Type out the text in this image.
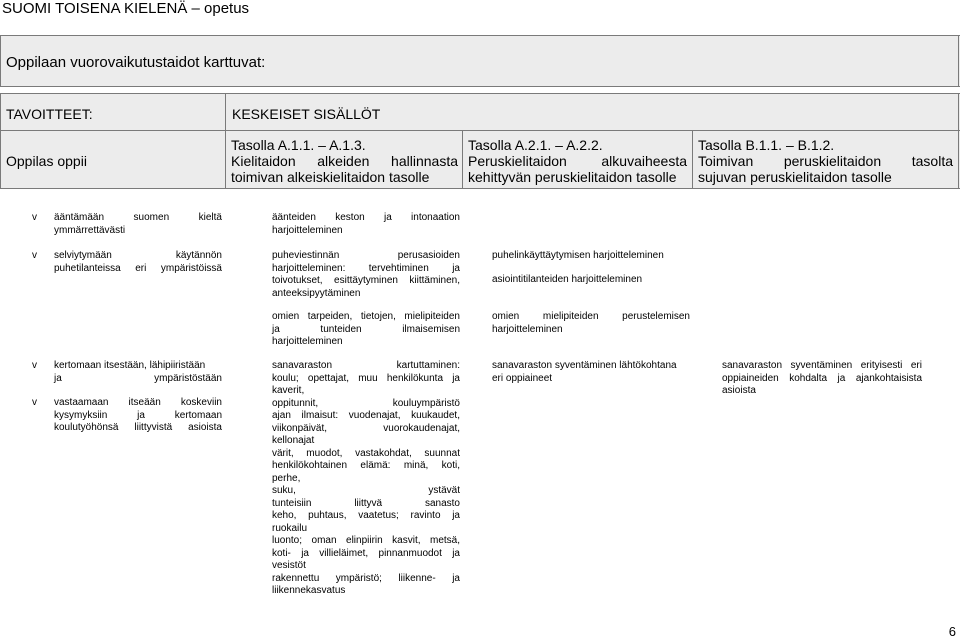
SUOMI TOISENA KIELENÄ – opetus
Oppilaan vuorovaikutustaidot karttuvat:
TAVOITTEET:	KESKEISET SISÄLLÖT
Oppilas oppii
Tasolla A.1.1. – A.1.3.
Kielitaidon alkeiden hallinnasta
toimivan alkeiskielitaidon tasolle
Tasolla A.2.1. – A.2.2.
Peruskielitaidon alkuvaiheesta
kehittyvän peruskielitaidon tasolle
Tasolla B.1.1. – B.1.2.
Toimivan peruskielitaidon tasolta
sujuvan peruskielitaidon tasolle
v ääntämään suomen kieltä
ymmärrettävästi
v selviytymään käytännön
puhetilanteissa eri ympäristöissä
v kertomaan itsestään, lähipiiristään
ja ympäristöstään
v vastaamaan itseään koskeviin
kysymyksiin ja kertomaan
koulutyöhönsä liittyvistä asioista
äänteiden keston ja intonaation
harjoitteleminen
puheviestinnän perusasioiden
harjoitteleminen: tervehtiminen ja
toivotukset, esittäytyminen kiittäminen,
anteeksipyytäminen
omien tarpeiden, tietojen, mielipiteiden
ja tunteiden ilmaisemisen
harjoitteleminen
sanavaraston kartuttaminen:
koulu; opettajat, muu henkilökunta ja
kaverit,
oppitunnit, kouluympäristö
ajan ilmaisut: vuodenajat, kuukaudet,
viikonpäivät, vuorokaudenajat,
kellonajat
värit, muodot, vastakohdat, suunnat
henkilökohtainen elämä: minä, koti,
perhe,
suku, ystävät
tunteisiin liittyvä sanasto
keho, puhtaus, vaatetus; ravinto ja
ruokailu
luonto; oman elinpiirin kasvit, metsä,
koti- ja villieläimet, pinnanmuodot ja
vesistöt
rakennettu ympäristö; liikenne- ja
liikennekasvatus
puhelinkäyttäytymisen harjoitteleminen
asiointitilanteiden harjoitteleminen
omien mielipiteiden perustelemisen
harjoitteleminen
sanavaraston syventäminen lähtökohtana
eri oppiaineet
sanavaraston syventäminen erityisesti eri
oppiaineiden kohdalta ja ajankohtaisista
asioista
6
